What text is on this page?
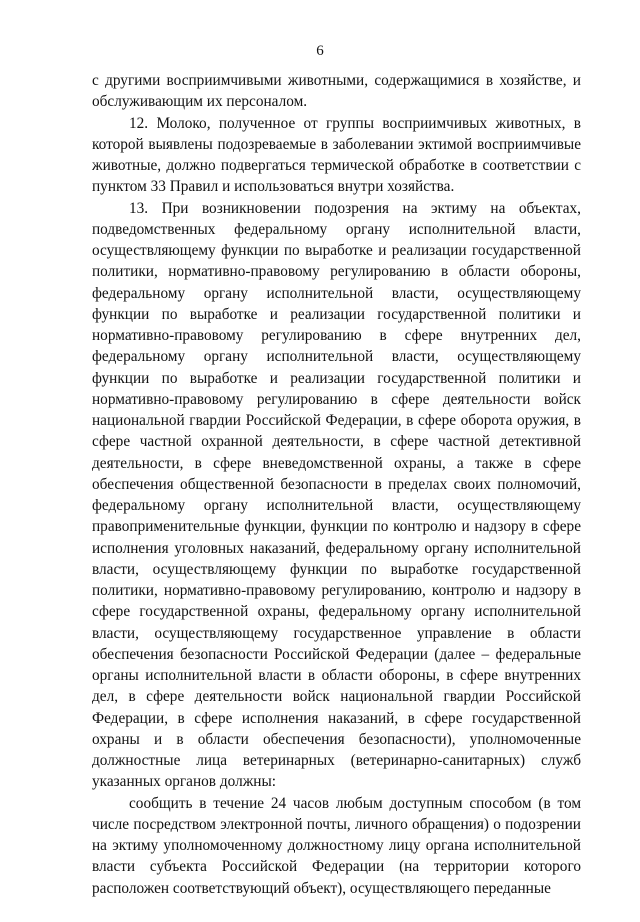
6

с другими восприимчивыми животными, содержащимися в хозяйстве, и обслуживающим их персоналом.

12. Молоко, полученное от группы восприимчивых животных, в которой выявлены подозреваемые в заболевании эктимой восприимчивые животные, должно подвергаться термической обработке в соответствии с пунктом 33 Правил и использоваться внутри хозяйства.

13. При возникновении подозрения на эктиму на объектах, подведомственных федеральному органу исполнительной власти, осуществляющему функции по выработке и реализации государственной политики, нормативно-правовому регулированию в области обороны, федеральному органу исполнительной власти, осуществляющему функции по выработке и реализации государственной политики и нормативно-правовому регулированию в сфере внутренних дел, федеральному органу исполнительной власти, осуществляющему функции по выработке и реализации государственной политики и нормативно-правовому регулированию в сфере деятельности войск национальной гвардии Российской Федерации, в сфере оборота оружия, в сфере частной охранной деятельности, в сфере частной детективной деятельности, в сфере вневедомственной охраны, а также в сфере обеспечения общественной безопасности в пределах своих полномочий, федеральному органу исполнительной власти, осуществляющему правоприменительные функции, функции по контролю и надзору в сфере исполнения уголовных наказаний, федеральному органу исполнительной власти, осуществляющему функции по выработке государственной политики, нормативно-правовому регулированию, контролю и надзору в сфере государственной охраны, федеральному органу исполнительной власти, осуществляющему государственное управление в области обеспечения безопасности Российской Федерации (далее – федеральные органы исполнительной власти в области обороны, в сфере внутренних дел, в сфере деятельности войск национальной гвардии Российской Федерации, в сфере исполнения наказаний, в сфере государственной охраны и в области обеспечения безопасности), уполномоченные должностные лица ветеринарных (ветеринарно-санитарных) служб указанных органов должны:

сообщить в течение 24 часов любым доступным способом (в том числе посредством электронной почты, личного обращения) о подозрении на эктиму уполномоченному должностному лицу органа исполнительной власти субъекта Российской Федерации (на территории которого расположен соответствующий объект), осуществляющего переданные
